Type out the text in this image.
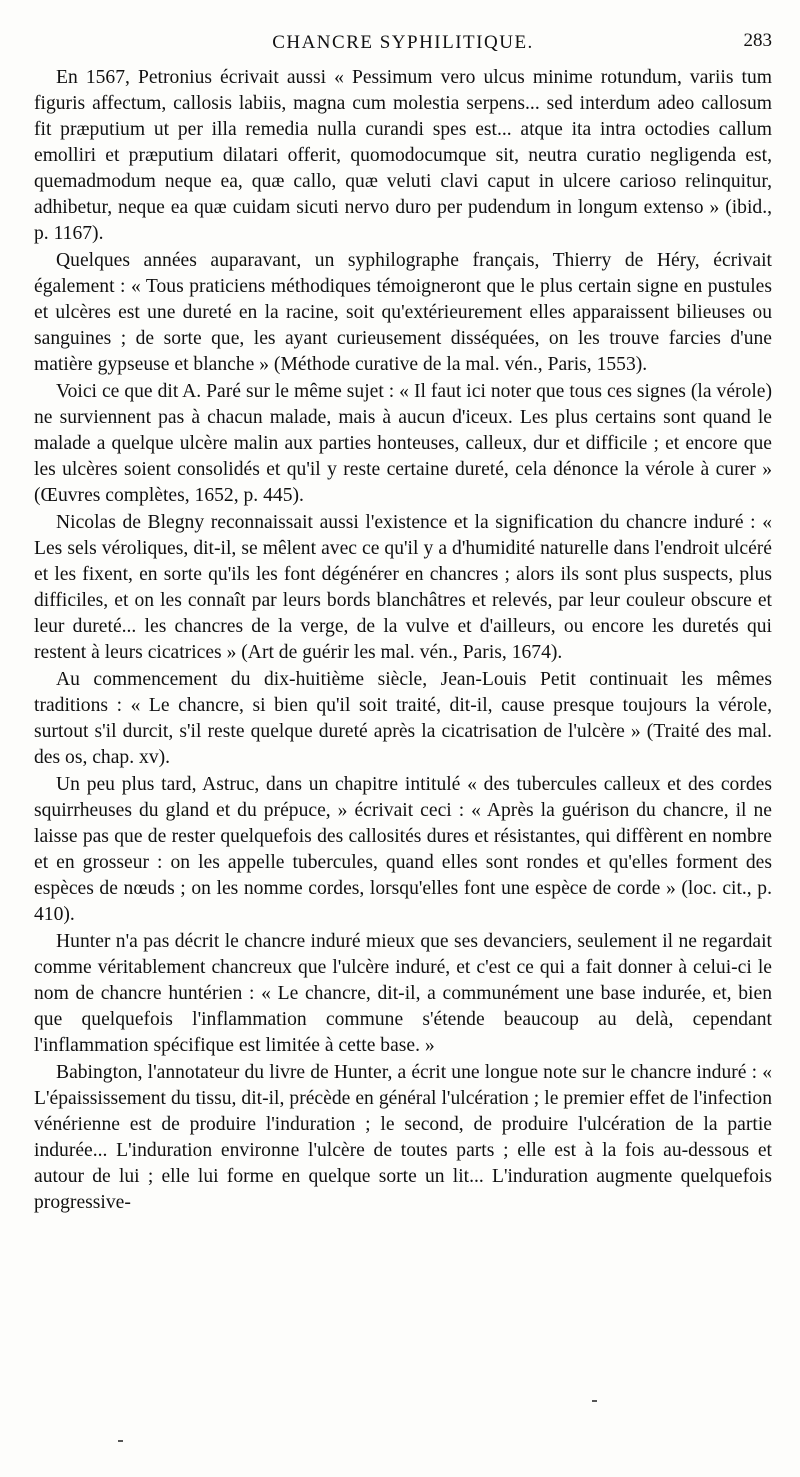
CHANCRE SYPHILITIQUE.	283

En 1567, Petronius écrivait aussi « Pessimum vero ulcus minime rotundum, variis tum figuris affectum, callosis labiis, magna cum molestia serpens... sed interdum adeo callosum fit præputium ut per illa remedia nulla curandi spes est... atque ita intra octodies callum emolliri et præputium dilatari offerit, quomodocumque sit, neutra curatio negligenda est, quemadmodum neque ea, quæ callo, quæ veluti clavi caput in ulcere carioso relinquitur, adhibetur, neque ea quæ cuidam sicuti nervo duro per pudendum in longum extenso » (ibid., p. 1167).

Quelques années auparavant, un syphilographe français, Thierry de Héry, écrivait également : « Tous praticiens méthodiques témoigneront que le plus certain signe en pustules et ulcères est une dureté en la racine, soit qu'extérieurement elles apparaissent bilieuses ou sanguines ; de sorte que, les ayant curieusement disséquées, on les trouve farcies d'une matière gypseuse et blanche » (Méthode curative de la mal. vén., Paris, 1553).

Voici ce que dit A. Paré sur le même sujet : « Il faut ici noter que tous ces signes (la vérole) ne surviennent pas à chacun malade, mais à aucun d'iceux. Les plus certains sont quand le malade a quelque ulcère malin aux parties honteuses, calleux, dur et difficile ; et encore que les ulcères soient consolidés et qu'il y reste certaine dureté, cela dénonce la vérole à curer » (Œuvres complètes, 1652, p. 445).

Nicolas de Blegny reconnaissait aussi l'existence et la signification du chancre induré : « Les sels véroliques, dit-il, se mêlent avec ce qu'il y a d'humidité naturelle dans l'endroit ulcéré et les fixent, en sorte qu'ils les font dégénérer en chancres ; alors ils sont plus suspects, plus difficiles, et on les connaît par leurs bords blanchâtres et relevés, par leur couleur obscure et leur dureté... les chancres de la verge, de la vulve et d'ailleurs, ou encore les duretés qui restent à leurs cicatrices » (Art de guérir les mal. vén., Paris, 1674).

Au commencement du dix-huitième siècle, Jean-Louis Petit continuait les mêmes traditions : « Le chancre, si bien qu'il soit traité, dit-il, cause presque toujours la vérole, surtout s'il durcit, s'il reste quelque dureté après la cicatrisation de l'ulcère » (Traité des mal. des os, chap. xv).

Un peu plus tard, Astruc, dans un chapitre intitulé « des tubercules calleux et des cordes squirrheuses du gland et du prépuce, » écrivait ceci : « Après la guérison du chancre, il ne laisse pas que de rester quelquefois des callosités dures et résistantes, qui diffèrent en nombre et en grosseur : on les appelle tubercules, quand elles sont rondes et qu'elles forment des espèces de nœuds ; on les nomme cordes, lorsqu'elles font une espèce de corde » (loc. cit., p. 410).

Hunter n'a pas décrit le chancre induré mieux que ses devanciers, seulement il ne regardait comme véritablement chancreux que l'ulcère induré, et c'est ce qui a fait donner à celui-ci le nom de chancre huntérien : « Le chancre, dit-il, a communément une base indurée, et, bien que quelquefois l'inflammation commune s'étende beaucoup au delà, cependant l'inflammation spécifique est limitée à cette base. »

Babington, l'annotateur du livre de Hunter, a écrit une longue note sur le chancre induré : « L'épaississement du tissu, dit-il, précède en général l'ulcération ; le premier effet de l'infection vénérienne est de produire l'induration ; le second, de produire l'ulcération de la partie indurée... L'induration environne l'ulcère de toutes parts ; elle est à la fois au-dessous et autour de lui ; elle lui forme en quelque sorte un lit... L'induration augmente quelquefois progressive-
